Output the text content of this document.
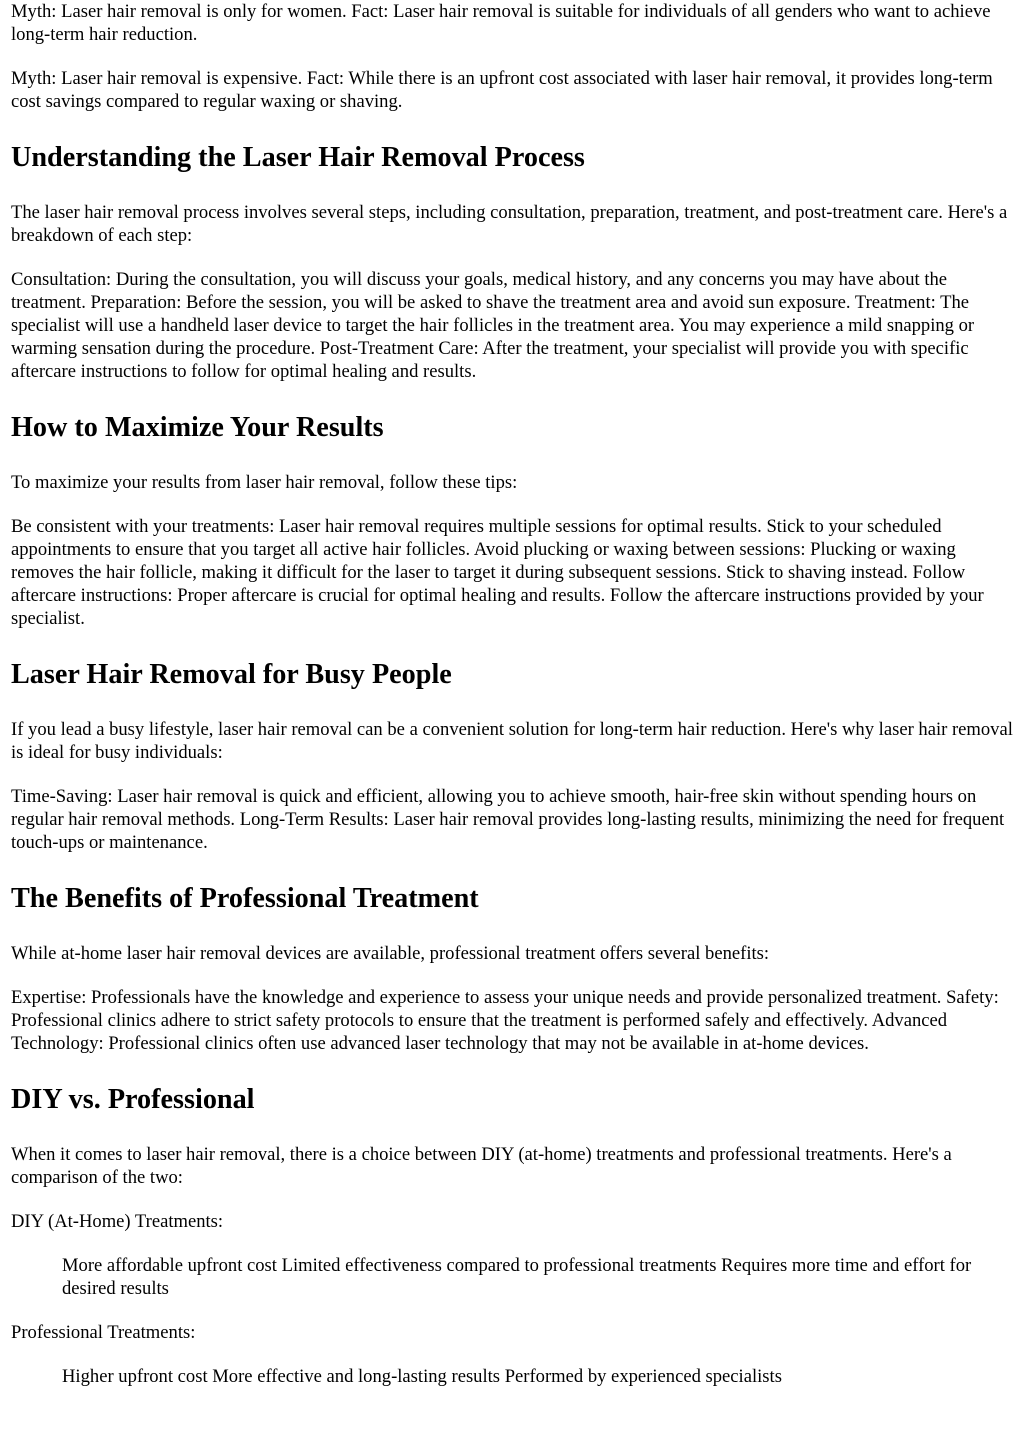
Myth: Laser hair removal is only for women. Fact: Laser hair removal is suitable for individuals of all genders who want to achieve long-term hair reduction.

Myth: Laser hair removal is expensive. Fact: While there is an upfront cost associated with laser hair removal, it provides long-term cost savings compared to regular waxing or shaving.

Understanding the Laser Hair Removal Process

The laser hair removal process involves several steps, including consultation, preparation, treatment, and post-treatment care. Here's a breakdown of each step:

Consultation: During the consultation, you will discuss your goals, medical history, and any concerns you may have about the treatment. Preparation: Before the session, you will be asked to shave the treatment area and avoid sun exposure. Treatment: The specialist will use a handheld laser device to target the hair follicles in the treatment area. You may experience a mild snapping or warming sensation during the procedure. Post-Treatment Care: After the treatment, your specialist will provide you with specific aftercare instructions to follow for optimal healing and results.

How to Maximize Your Results

To maximize your results from laser hair removal, follow these tips:

Be consistent with your treatments: Laser hair removal requires multiple sessions for optimal results. Stick to your scheduled appointments to ensure that you target all active hair follicles. Avoid plucking or waxing between sessions: Plucking or waxing removes the hair follicle, making it difficult for the laser to target it during subsequent sessions. Stick to shaving instead. Follow aftercare instructions: Proper aftercare is crucial for optimal healing and results. Follow the aftercare instructions provided by your specialist.

Laser Hair Removal for Busy People

If you lead a busy lifestyle, laser hair removal can be a convenient solution for long-term hair reduction. Here's why laser hair removal is ideal for busy individuals:

Time-Saving: Laser hair removal is quick and efficient, allowing you to achieve smooth, hair-free skin without spending hours on regular hair removal methods. Long-Term Results: Laser hair removal provides long-lasting results, minimizing the need for frequent touch-ups or maintenance.

The Benefits of Professional Treatment

While at-home laser hair removal devices are available, professional treatment offers several benefits:

Expertise: Professionals have the knowledge and experience to assess your unique needs and provide personalized treatment. Safety: Professional clinics adhere to strict safety protocols to ensure that the treatment is performed safely and effectively. Advanced Technology: Professional clinics often use advanced laser technology that may not be available in at-home devices.

DIY vs. Professional

When it comes to laser hair removal, there is a choice between DIY (at-home) treatments and professional treatments. Here's a comparison of the two:

DIY (At-Home) Treatments:

More affordable upfront cost Limited effectiveness compared to professional treatments Requires more time and effort for desired results

Professional Treatments:

Higher upfront cost More effective and long-lasting results Performed by experienced specialists
